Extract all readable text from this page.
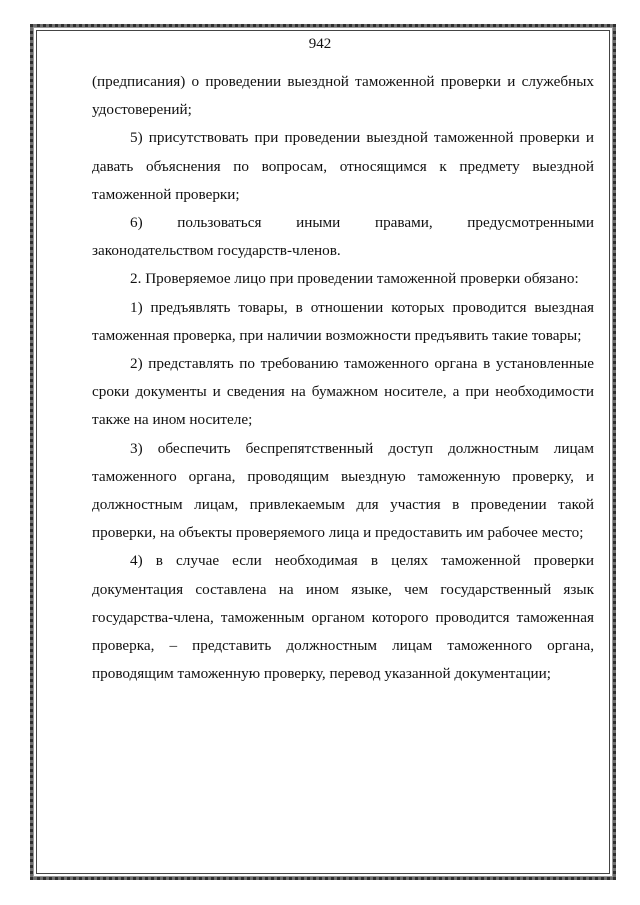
942

(предписания) о проведении выездной таможенной проверки и служебных удостоверений;

5) присутствовать при проведении выездной таможенной проверки и давать объяснения по вопросам, относящимся к предмету выездной таможенной проверки;

6) пользоваться иными правами, предусмотренными законодательством государств-членов.

2. Проверяемое лицо при проведении таможенной проверки обязано:

1) предъявлять товары, в отношении которых проводится выездная таможенная проверка, при наличии возможности предъявить такие товары;

2) представлять по требованию таможенного органа в установленные сроки документы и сведения на бумажном носителе, а при необходимости также на ином носителе;

3) обеспечить беспрепятственный доступ должностным лицам таможенного органа, проводящим выездную таможенную проверку, и должностным лицам, привлекаемым для участия в проведении такой проверки, на объекты проверяемого лица и предоставить им рабочее место;

4) в случае если необходимая в целях таможенной проверки документация составлена на ином языке, чем государственный язык государства-члена, таможенным органом которого проводится таможенная проверка, – представить должностным лицам таможенного органа, проводящим таможенную проверку, перевод указанной документации;
